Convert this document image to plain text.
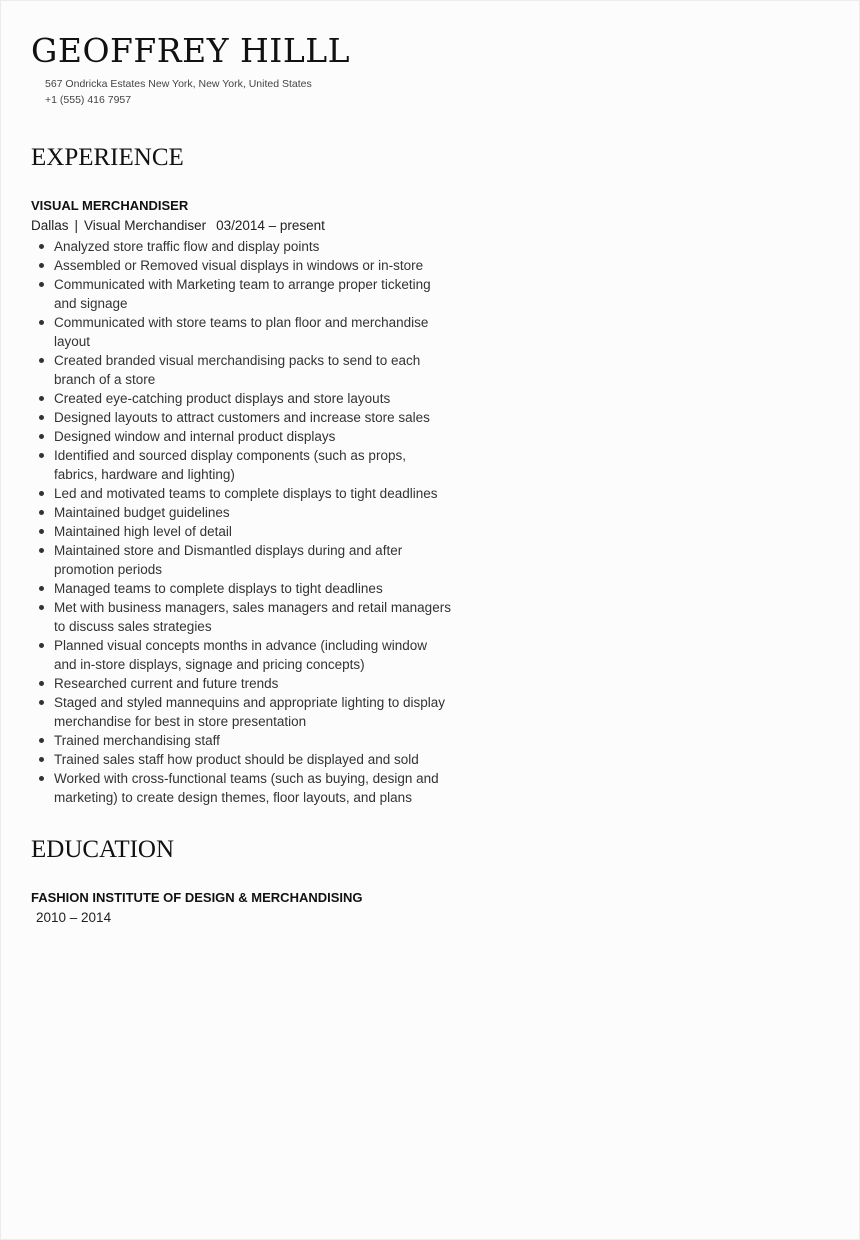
GEOFFREY HILLL
567 Ondricka Estates New York, New York, United States
+1 (555) 416 7957
EXPERIENCE
VISUAL MERCHANDISER
Dallas | Visual Merchandiser 03/2014 – present
Analyzed store traffic flow and display points
Assembled or Removed visual displays in windows or in-store
Communicated with Marketing team to arrange proper ticketing and signage
Communicated with store teams to plan floor and merchandise layout
Created branded visual merchandising packs to send to each branch of a store
Created eye-catching product displays and store layouts
Designed layouts to attract customers and increase store sales
Designed window and internal product displays
Identified and sourced display components (such as props, fabrics, hardware and lighting)
Led and motivated teams to complete displays to tight deadlines
Maintained budget guidelines
Maintained high level of detail
Maintained store and Dismantled displays during and after promotion periods
Managed teams to complete displays to tight deadlines
Met with business managers, sales managers and retail managers to discuss sales strategies
Planned visual concepts months in advance (including window and in-store displays, signage and pricing concepts)
Researched current and future trends
Staged and styled mannequins and appropriate lighting to display merchandise for best in store presentation
Trained merchandising staff
Trained sales staff how product should be displayed and sold
Worked with cross-functional teams (such as buying, design and marketing) to create design themes, floor layouts, and plans
EDUCATION
FASHION INSTITUTE OF DESIGN & MERCHANDISING
2010 – 2014
